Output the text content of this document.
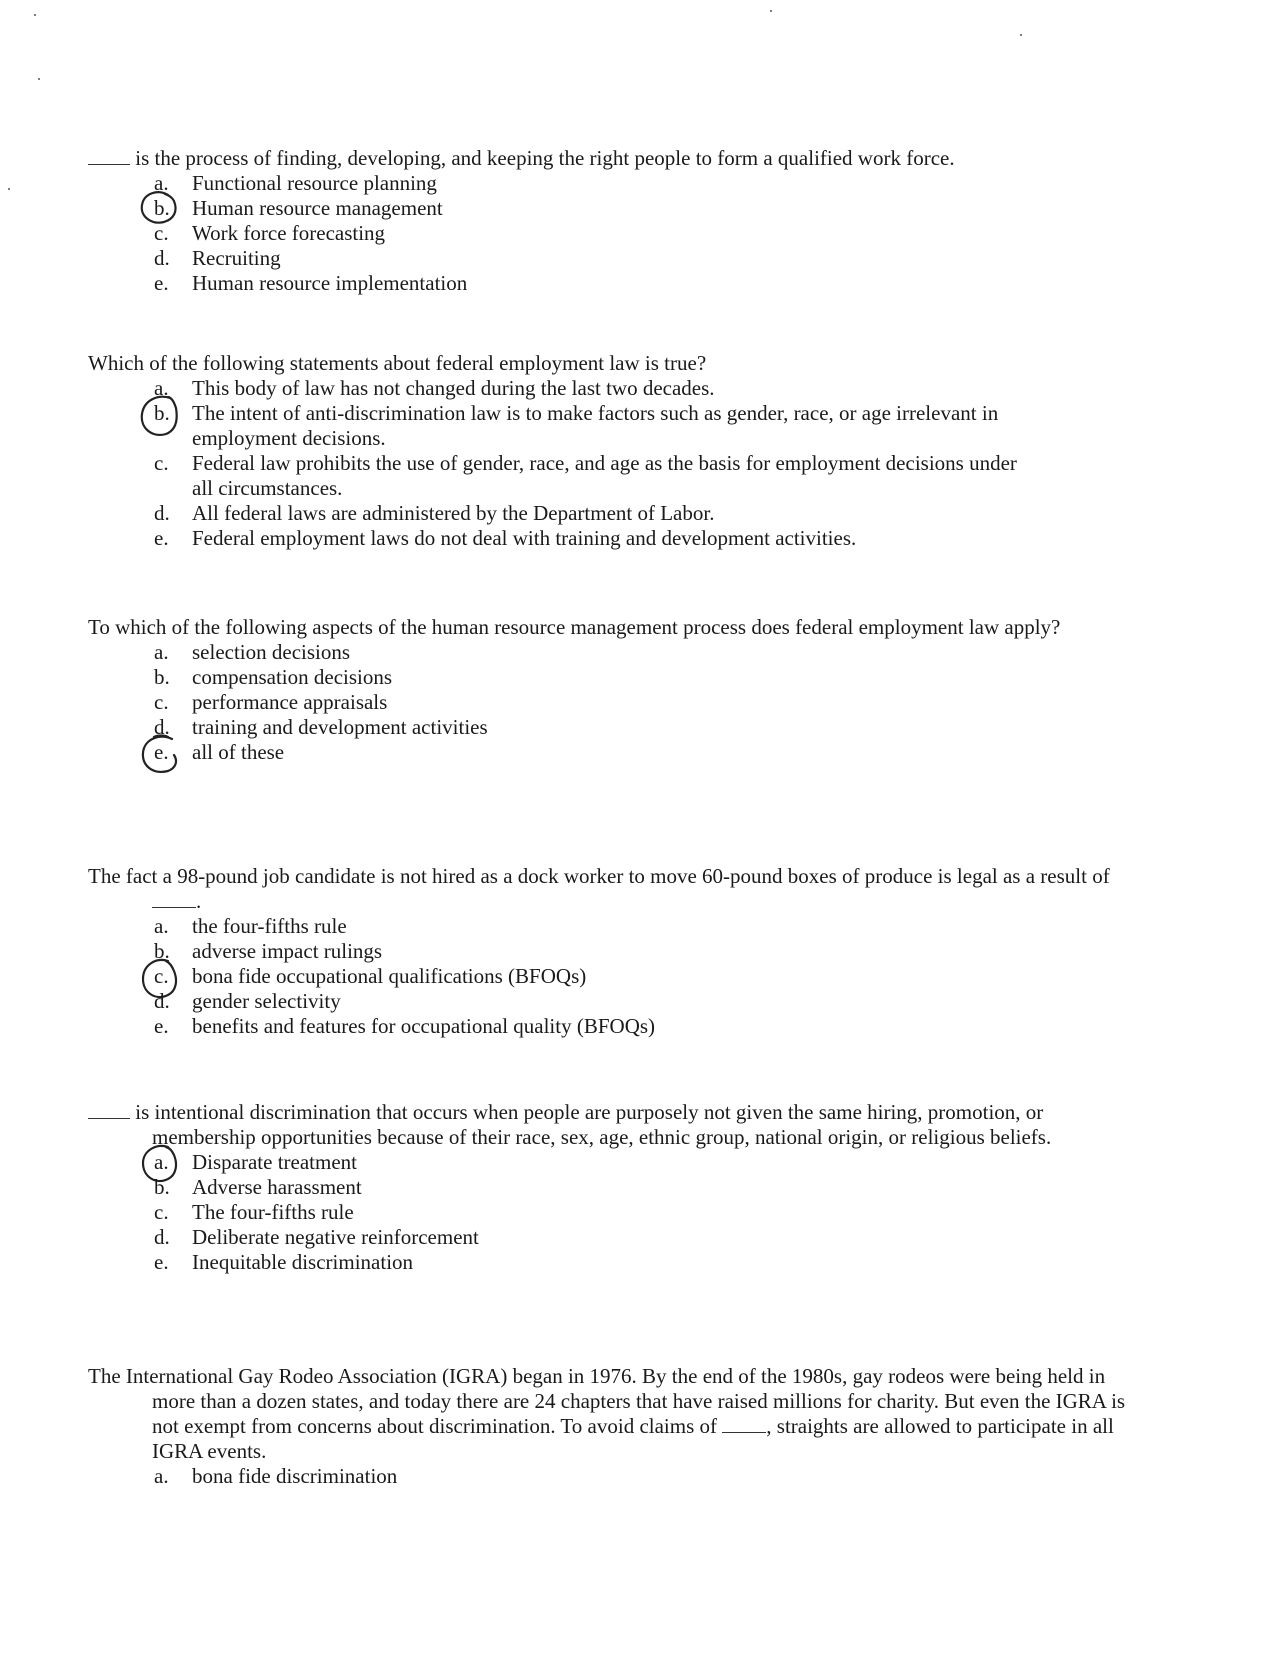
is the process of finding, developing, and keeping the right people to form a qualified work force.

a.	Functional resource planning
b.	Human resource management
c.	Work force forecasting
d.	Recruiting
e.	Human resource implementation

Which of the following statements about federal employment law is true?

a.	This body of law has not changed during the last two decades.
b.	The intent of anti-discrimination law is to make factors such as gender, race, or age irrelevant in employment decisions.
c.	Federal law prohibits the use of gender, race, and age as the basis for employment decisions under all circumstances.
d.	All federal laws are administered by the Department of Labor.
e.	Federal employment laws do not deal with training and development activities.

To which of the following aspects of the human resource management process does federal employment law apply?

a.	selection decisions
b.	compensation decisions
c.	performance appraisals
d.	training and development activities
e.	all of these

The fact a 98-pound job candidate is not hired as a dock worker to move 60-pound boxes of produce is legal as a result of .

a.	the four-fifths rule
b.	adverse impact rulings
c.	bona fide occupational qualifications (BFOQs)
d.	gender selectivity
e.	benefits and features for occupational quality (BFOQs)

is intentional discrimination that occurs when people are purposely not given the same hiring, promotion, or membership opportunities because of their race, sex, age, ethnic group, national origin, or religious beliefs.

a.	Disparate treatment
b.	Adverse harassment
c.	The four-fifths rule
d.	Deliberate negative reinforcement
e.	Inequitable discrimination

The International Gay Rodeo Association (IGRA) began in 1976. By the end of the 1980s, gay rodeos were being held in more than a dozen states, and today there are 24 chapters that have raised millions for charity. But even the IGRA is not exempt from concerns about discrimination. To avoid claims of , straights are allowed to participate in all IGRA events.

a.	bona fide discrimination
